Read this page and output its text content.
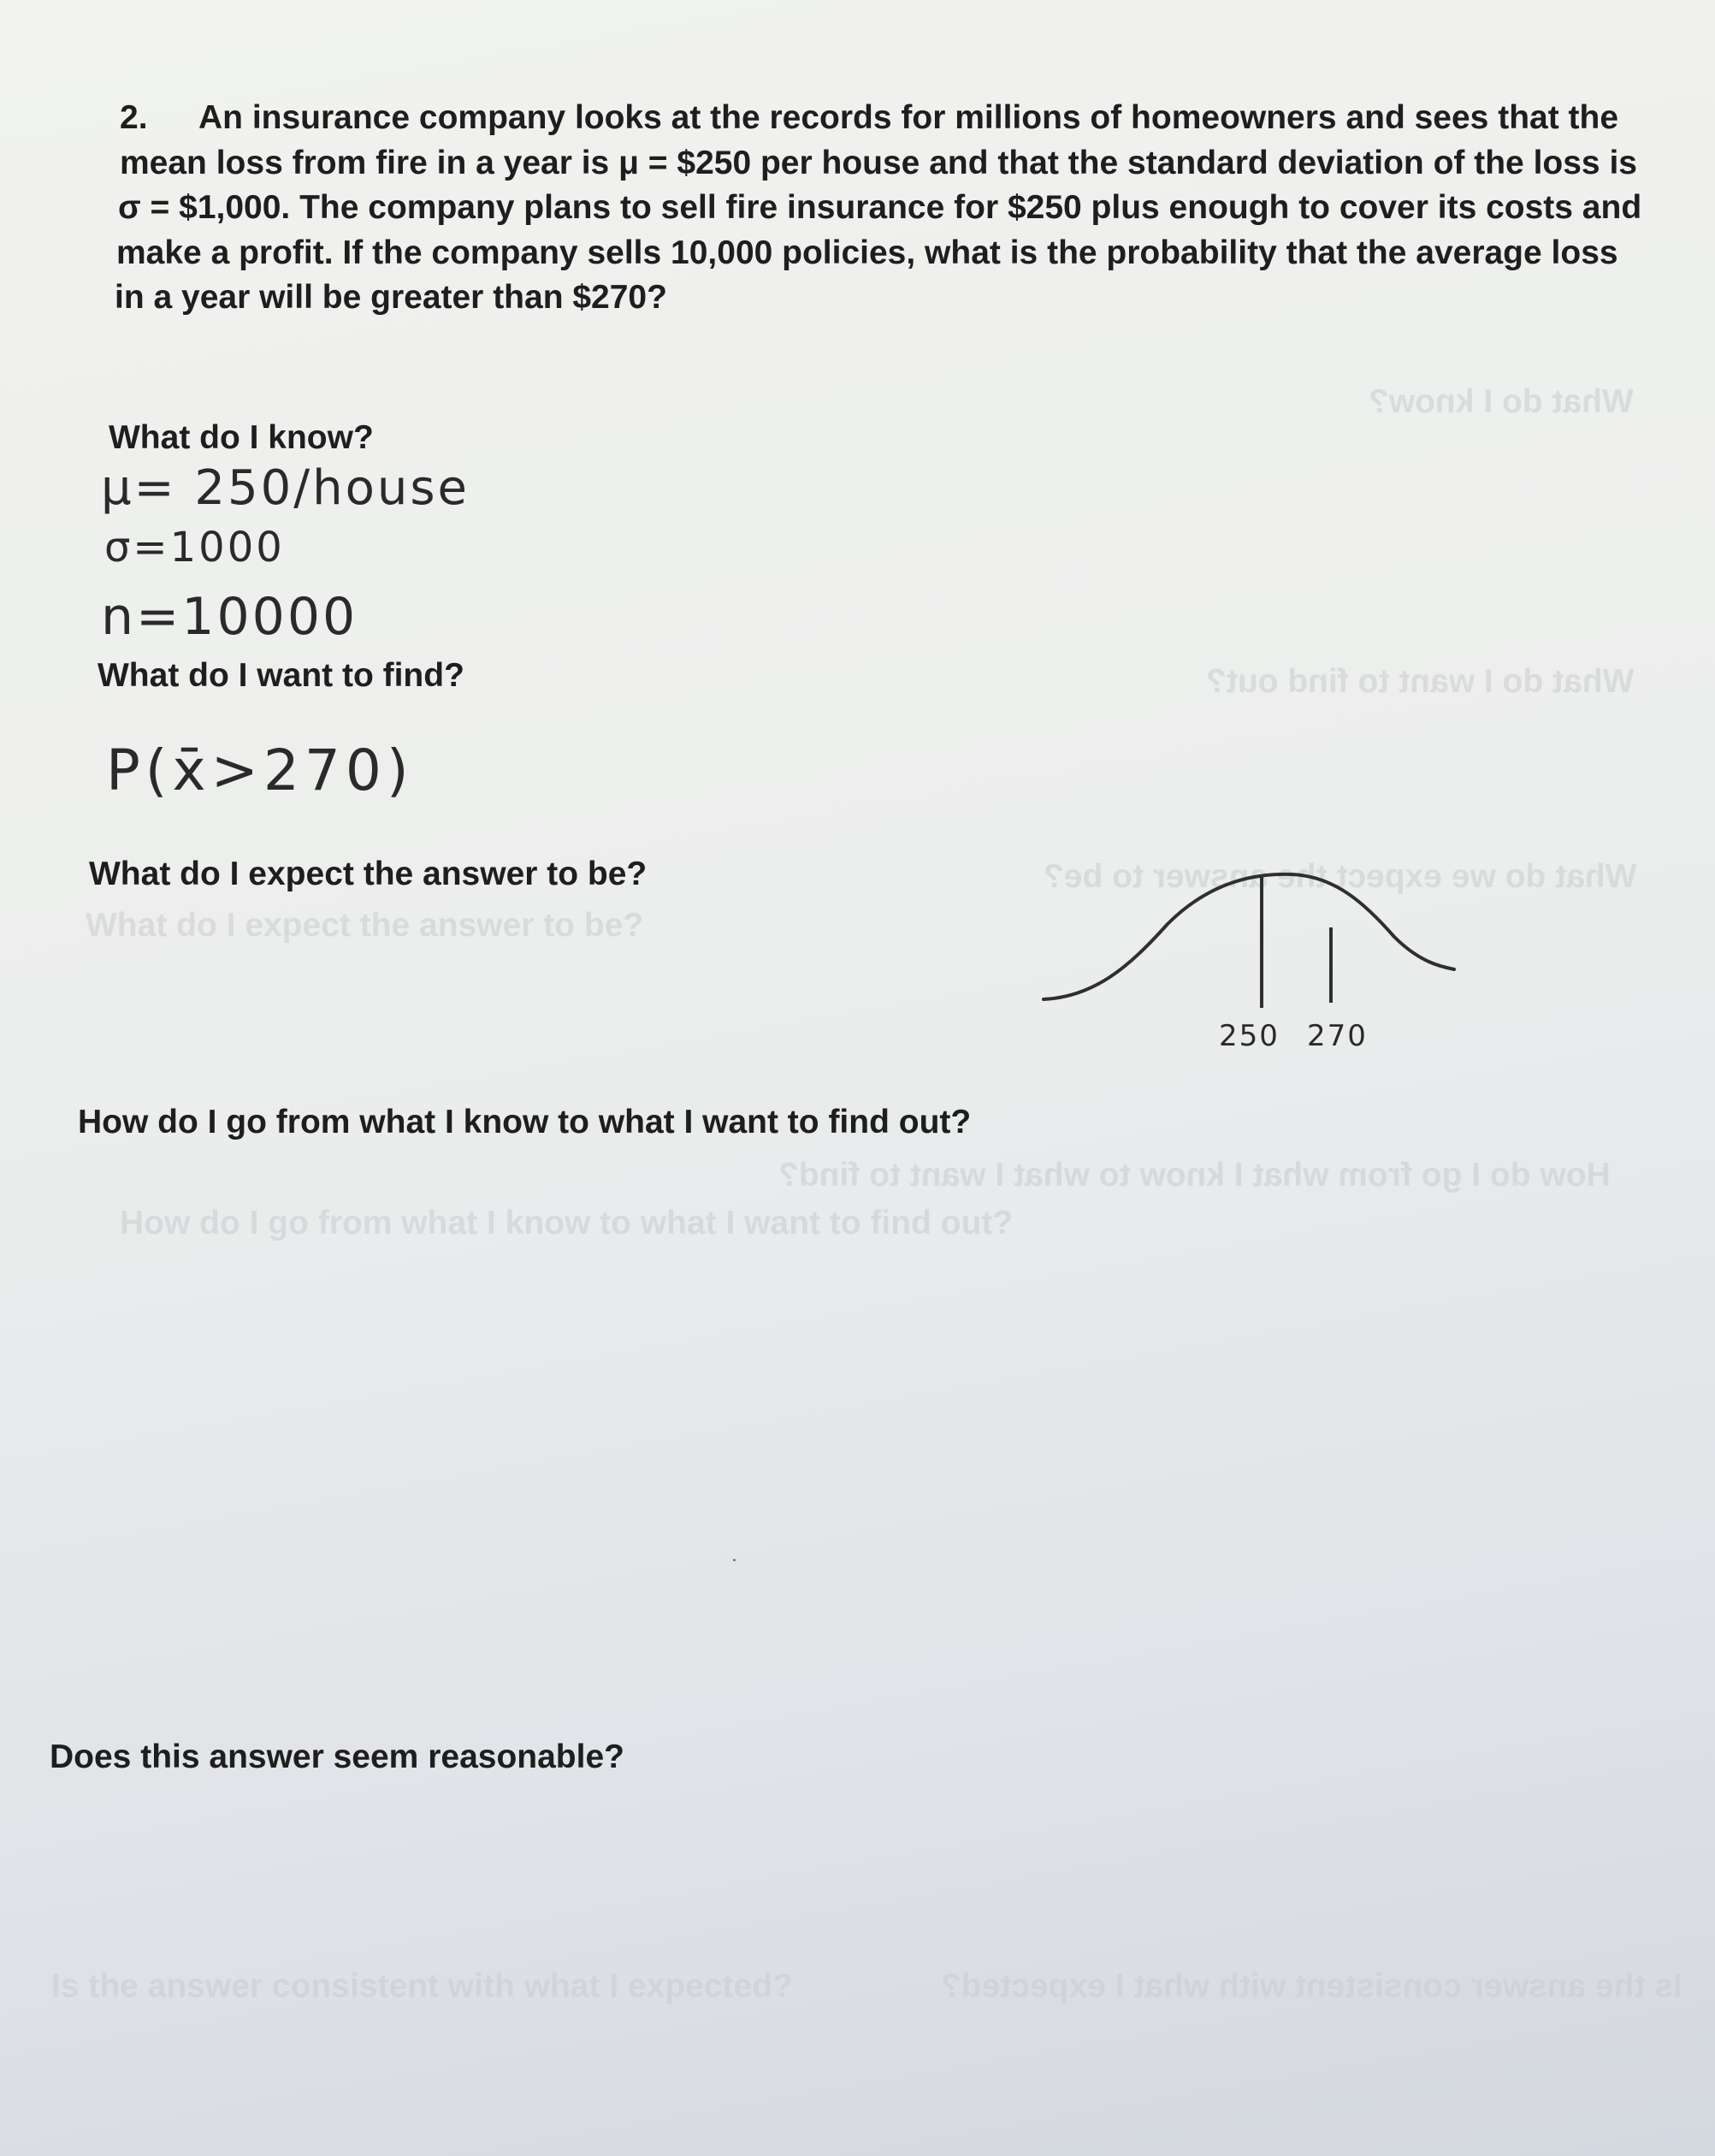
What do I know?
What do I want to find out?
What do we expect the answer to be?
How do I go from what I know to what I want to find?
Is the answer consistent with what I expected?
What do I expect the answer to be?
How do I go from what I know to what I want to find out?
Is the answer consistent with what I expected?
2. An insurance company looks at the records for millions of homeowners and sees that the
mean loss from fire in a year is μ = $250 per house and that the standard deviation of the loss is
σ = $1,000. The company plans to sell fire insurance for $250 plus enough to cover its costs and
make a profit. If the company sells 10,000 policies, what is the probability that the average loss
in a year will be greater than $270?
What do I know?
What do I want to find?
What do I expect the answer to be?
How do I go from what I know to what I want to find out?
Does this answer seem reasonable?
μ= 250/house
σ=1000
n=10000
P(x̄>270)
250 270
